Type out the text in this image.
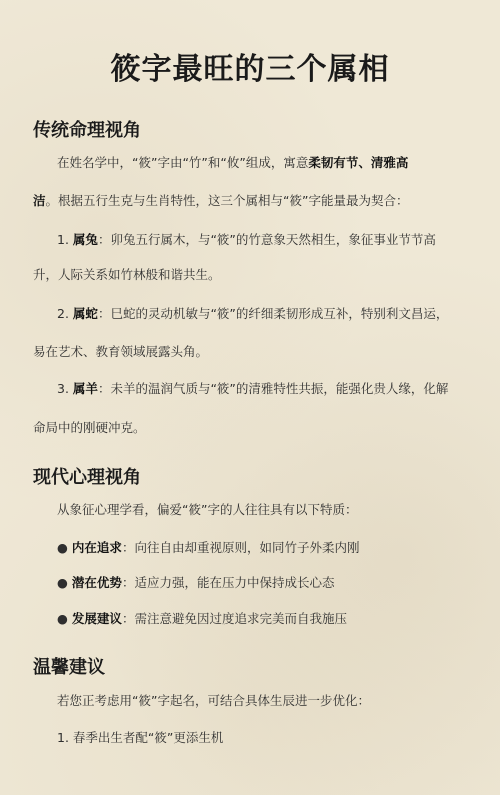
筱字最旺的三个属相
传统命理视角

在姓名学中，“筱”字由“竹”和“攸”组成，寓意柔韧有节、清雅高

洁。根据五行生克与生肖特性，这三个属相与“筱”字能量最为契合：

1. 属兔：卯兔五行属木，与“筱”的竹意象天然相生，象征事业节节高

升，人际关系如竹林般和谐共生。

2. 属蛇：巳蛇的灵动机敏与“筱”的纤细柔韧形成互补，特别利文昌运，

易在艺术、教育领域展露头角。

3. 属羊：未羊的温润气质与“筱”的清雅特性共振，能强化贵人缘，化解

命局中的刚硬冲克。

现代心理视角

从象征心理学看，偏爱“筱”字的人往往具有以下特质：

● 内在追求：向往自由却重视原则，如同竹子外柔内刚

● 潜在优势：适应力强，能在压力中保持成长心态

● 发展建议：需注意避免因过度追求完美而自我施压

温馨建议

若您正考虑用“筱”字起名，可结合具体生辰进一步优化：

1. 春季出生者配“筱”更添生机
